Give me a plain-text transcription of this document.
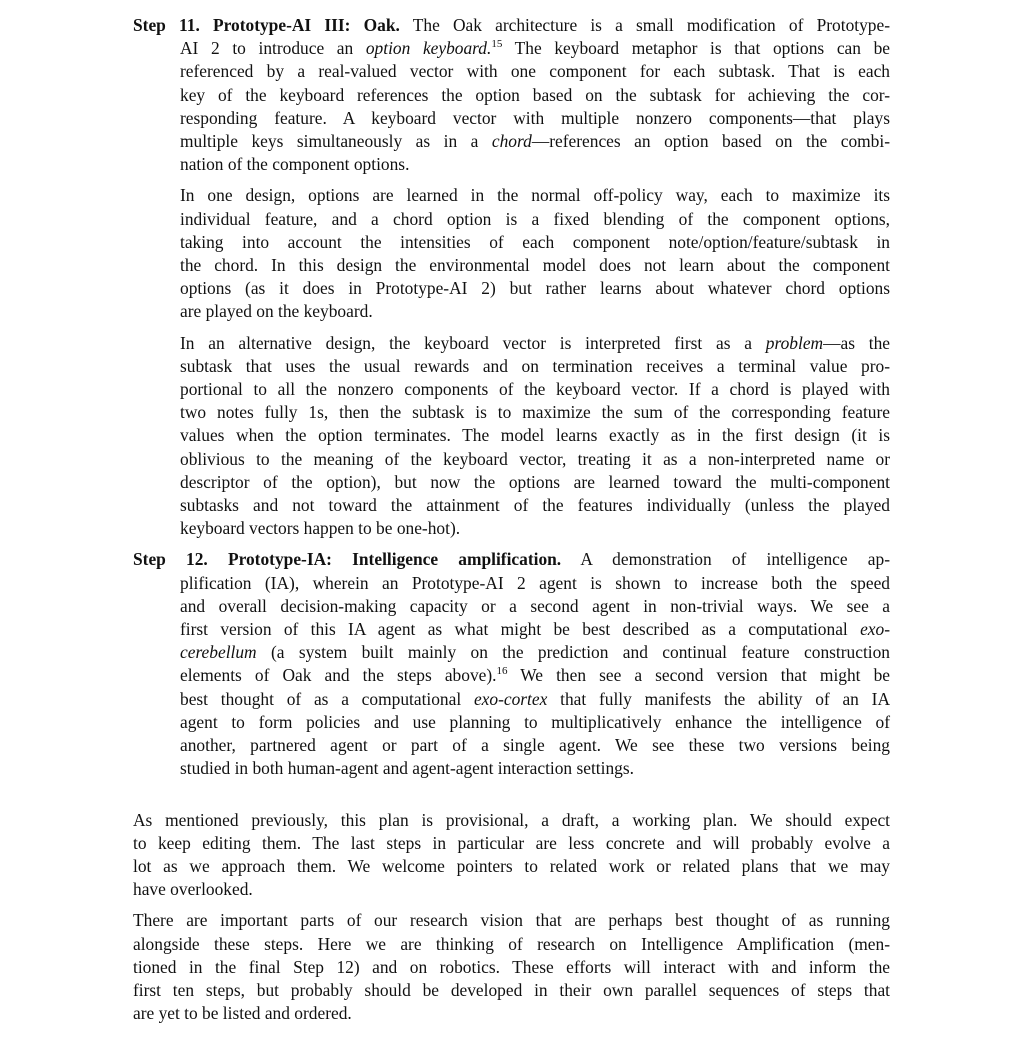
Step 11. Prototype-AI III: Oak. The Oak architecture is a small modification of Prototype-
AI 2 to introduce an option keyboard.$^{15}$ The keyboard metaphor is that options can be
referenced by a real-valued vector with one component for each subtask. That is each
key of the keyboard references the option based on the subtask for achieving the cor-
responding feature. A keyboard vector with multiple nonzero components—that plays
multiple keys simultaneously as in a chord—references an option based on the combi-
nation of the component options.
In one design, options are learned in the normal off-policy way, each to maximize its
individual feature, and a chord option is a fixed blending of the component options,
taking into account the intensities of each component note/option/feature/subtask in
the chord. In this design the environmental model does not learn about the component
options (as it does in Prototype-AI 2) but rather learns about whatever chord options
are played on the keyboard.
In an alternative design, the keyboard vector is interpreted first as a problem—as the
subtask that uses the usual rewards and on termination receives a terminal value pro-
portional to all the nonzero components of the keyboard vector. If a chord is played with
two notes fully 1s, then the subtask is to maximize the sum of the corresponding feature
values when the option terminates. The model learns exactly as in the first design (it is
oblivious to the meaning of the keyboard vector, treating it as a non-interpreted name or
descriptor of the option), but now the options are learned toward the multi-component
subtasks and not toward the attainment of the features individually (unless the played
keyboard vectors happen to be one-hot).
Step 12. Prototype-IA: Intelligence amplification. A demonstration of intelligence ap-
plification (IA), wherein an Prototype-AI 2 agent is shown to increase both the speed
and overall decision-making capacity or a second agent in non-trivial ways. We see a
first version of this IA agent as what might be best described as a computational exo-
cerebellum (a system built mainly on the prediction and continual feature construction
elements of Oak and the steps above).$^{16}$ We then see a second version that might be
best thought of as a computational exo-cortex that fully manifests the ability of an IA
agent to form policies and use planning to multiplicatively enhance the intelligence of
another, partnered agent or part of a single agent. We see these two versions being
studied in both human-agent and agent-agent interaction settings.
As mentioned previously, this plan is provisional, a draft, a working plan. We should expect
to keep editing them. The last steps in particular are less concrete and will probably evolve a
lot as we approach them. We welcome pointers to related work or related plans that we may
have overlooked.
There are important parts of our research vision that are perhaps best thought of as running
alongside these steps. Here we are thinking of research on Intelligence Amplification (men-
tioned in the final Step 12) and on robotics. These efforts will interact with and inform the
first ten steps, but probably should be developed in their own parallel sequences of steps that
are yet to be listed and ordered.
